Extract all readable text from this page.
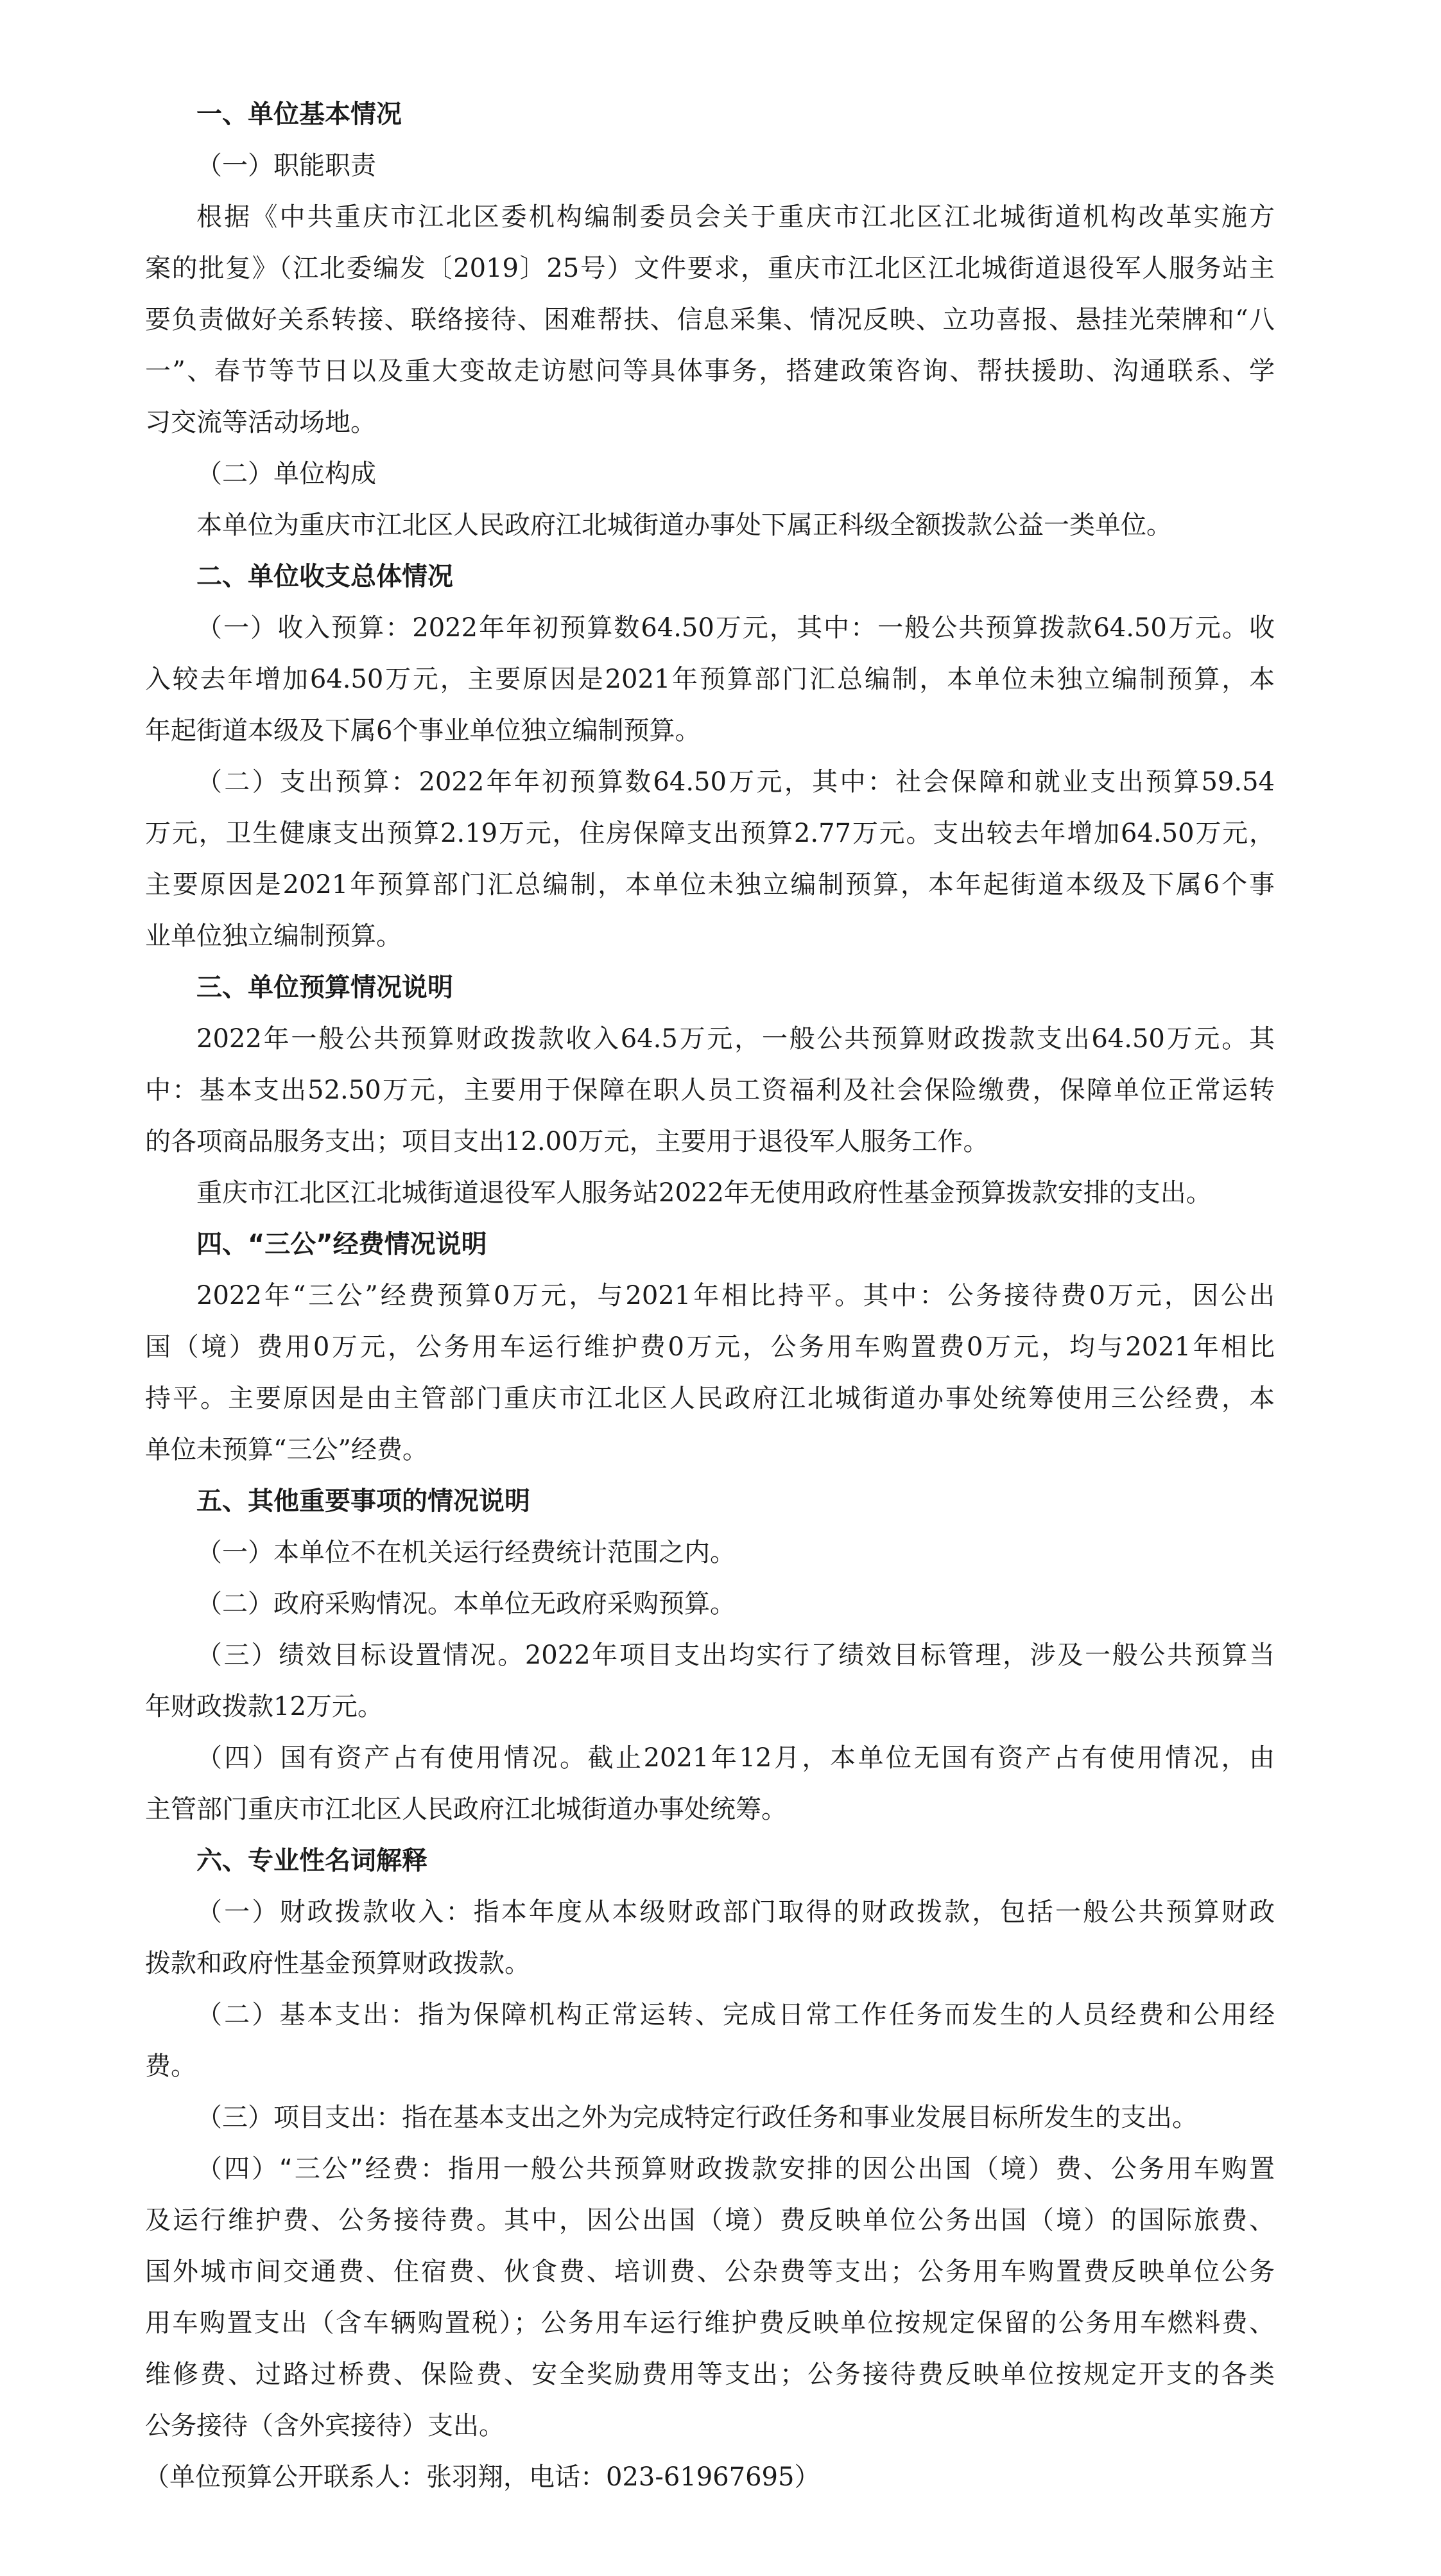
一、单位基本情况

（一）职能职责

根据《中共重庆市江北区委机构编制委员会关于重庆市江北区江北城街道机构改革实施方

案的批复》（江北委编发〔2019〕25号）文件要求，重庆市江北区江北城街道退役军人服务站主

要负责做好关系转接、联络接待、困难帮扶、信息采集、情况反映、立功喜报、悬挂光荣牌和“八

一”、春节等节日以及重大变故走访慰问等具体事务，搭建政策咨询、帮扶援助、沟通联系、学

习交流等活动场地。

（二）单位构成

本单位为重庆市江北区人民政府江北城街道办事处下属正科级全额拨款公益一类单位。

二、单位收支总体情况

（一）收入预算：2022年年初预算数64.50万元，其中：一般公共预算拨款64.50万元。收

入较去年增加64.50万元，主要原因是2021年预算部门汇总编制，本单位未独立编制预算，本

年起街道本级及下属6个事业单位独立编制预算。

（二）支出预算：2022年年初预算数64.50万元，其中：社会保障和就业支出预算59.54

万元，卫生健康支出预算2.19万元，住房保障支出预算2.77万元。支出较去年增加64.50万元，

主要原因是2021年预算部门汇总编制，本单位未独立编制预算，本年起街道本级及下属6个事

业单位独立编制预算。

三、单位预算情况说明

2022年一般公共预算财政拨款收入64.5万元，一般公共预算财政拨款支出64.50万元。其

中：基本支出52.50万元，主要用于保障在职人员工资福利及社会保险缴费，保障单位正常运转

的各项商品服务支出；项目支出12.00万元，主要用于退役军人服务工作。

重庆市江北区江北城街道退役军人服务站2022年无使用政府性基金预算拨款安排的支出。

四、“三公”经费情况说明

2022年“三公”经费预算0万元，与2021年相比持平。其中：公务接待费0万元，因公出

国（境）费用0万元，公务用车运行维护费0万元，公务用车购置费0万元，均与2021年相比

持平。主要原因是由主管部门重庆市江北区人民政府江北城街道办事处统筹使用三公经费，本

单位未预算“三公”经费。

五、其他重要事项的情况说明

（一）本单位不在机关运行经费统计范围之内。

（二）政府采购情况。本单位无政府采购预算。

（三）绩效目标设置情况。2022年项目支出均实行了绩效目标管理，涉及一般公共预算当

年财政拨款12万元。

（四）国有资产占有使用情况。截止2021年12月，本单位无国有资产占有使用情况，由

主管部门重庆市江北区人民政府江北城街道办事处统筹。

六、专业性名词解释

（一）财政拨款收入：指本年度从本级财政部门取得的财政拨款，包括一般公共预算财政

拨款和政府性基金预算财政拨款。

（二）基本支出：指为保障机构正常运转、完成日常工作任务而发生的人员经费和公用经

费。

（三）项目支出：指在基本支出之外为完成特定行政任务和事业发展目标所发生的支出。

（四）“三公”经费：指用一般公共预算财政拨款安排的因公出国（境）费、公务用车购置

及运行维护费、公务接待费。其中，因公出国（境）费反映单位公务出国（境）的国际旅费、

国外城市间交通费、住宿费、伙食费、培训费、公杂费等支出；公务用车购置费反映单位公务

用车购置支出（含车辆购置税）；公务用车运行维护费反映单位按规定保留的公务用车燃料费、

维修费、过路过桥费、保险费、安全奖励费用等支出；公务接待费反映单位按规定开支的各类

公务接待（含外宾接待）支出。

（单位预算公开联系人：张羽翔，电话：023-61967695）
